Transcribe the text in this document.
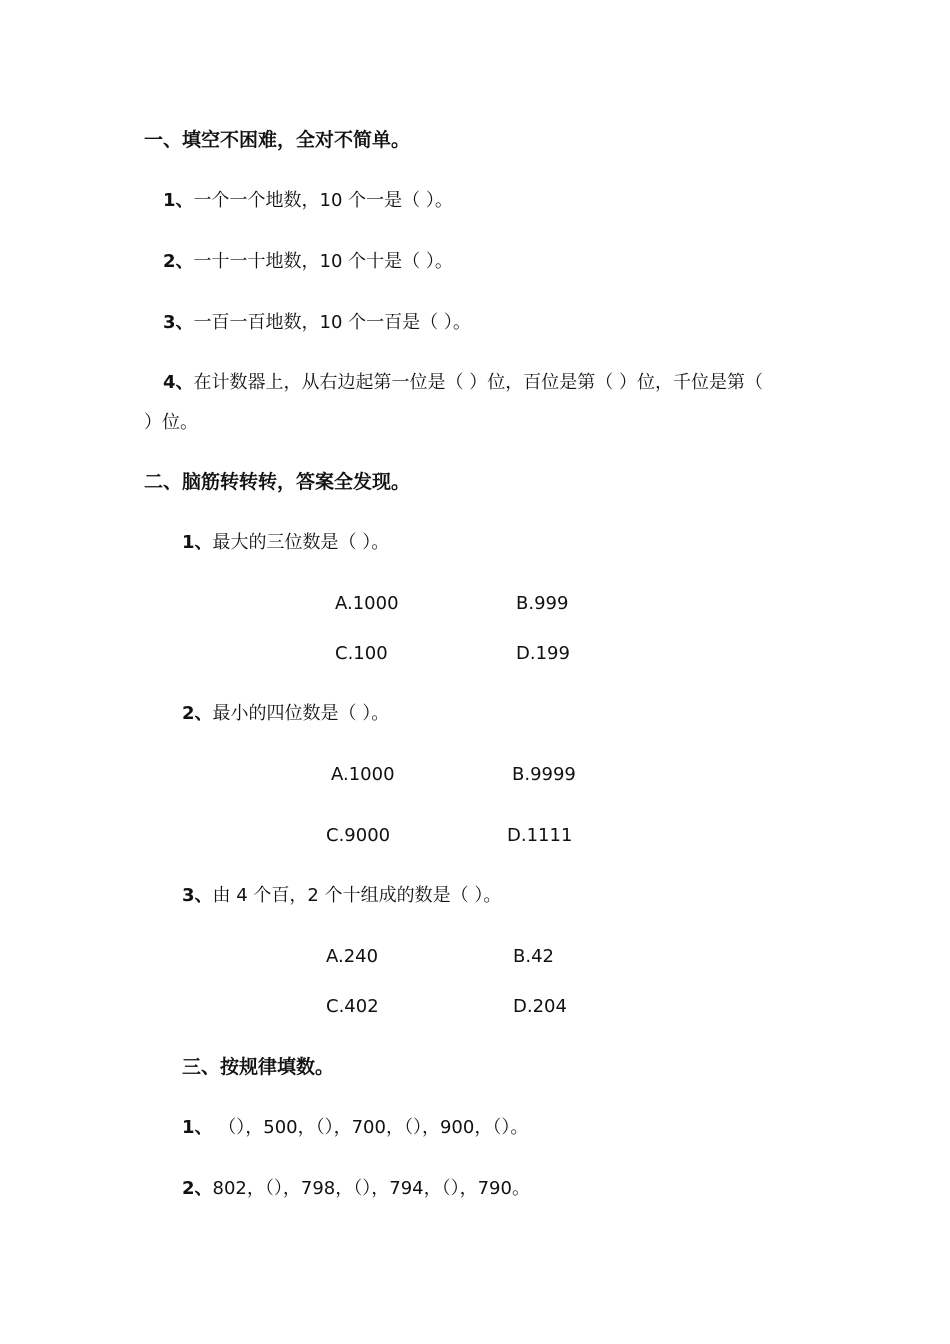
一、填空不困难，全对不简单。
1、一个一个地数，10 个一是（ ）。
2、一十一十地数，10 个十是（ ）。
3、一百一百地数，10 个一百是（ ）。
4、在计数器上，从右边起第一位是（ ）位，百位是第（ ）位，千位是第（
）位。
二、脑筋转转转，答案全发现。
1、最大的三位数是（ ）。
A.1000	B.999
C.100	D.199
2、最小的四位数是（ ）。
A.1000	B.9999
C.9000	D.1111
3、由 4 个百，2 个十组成的数是（ ）。
A.240	B.42
C.402	D.204
三、按规律填数。
1、 （），500，（），700，（），900，（）。
2、802，（），798，（），794，（），790。
